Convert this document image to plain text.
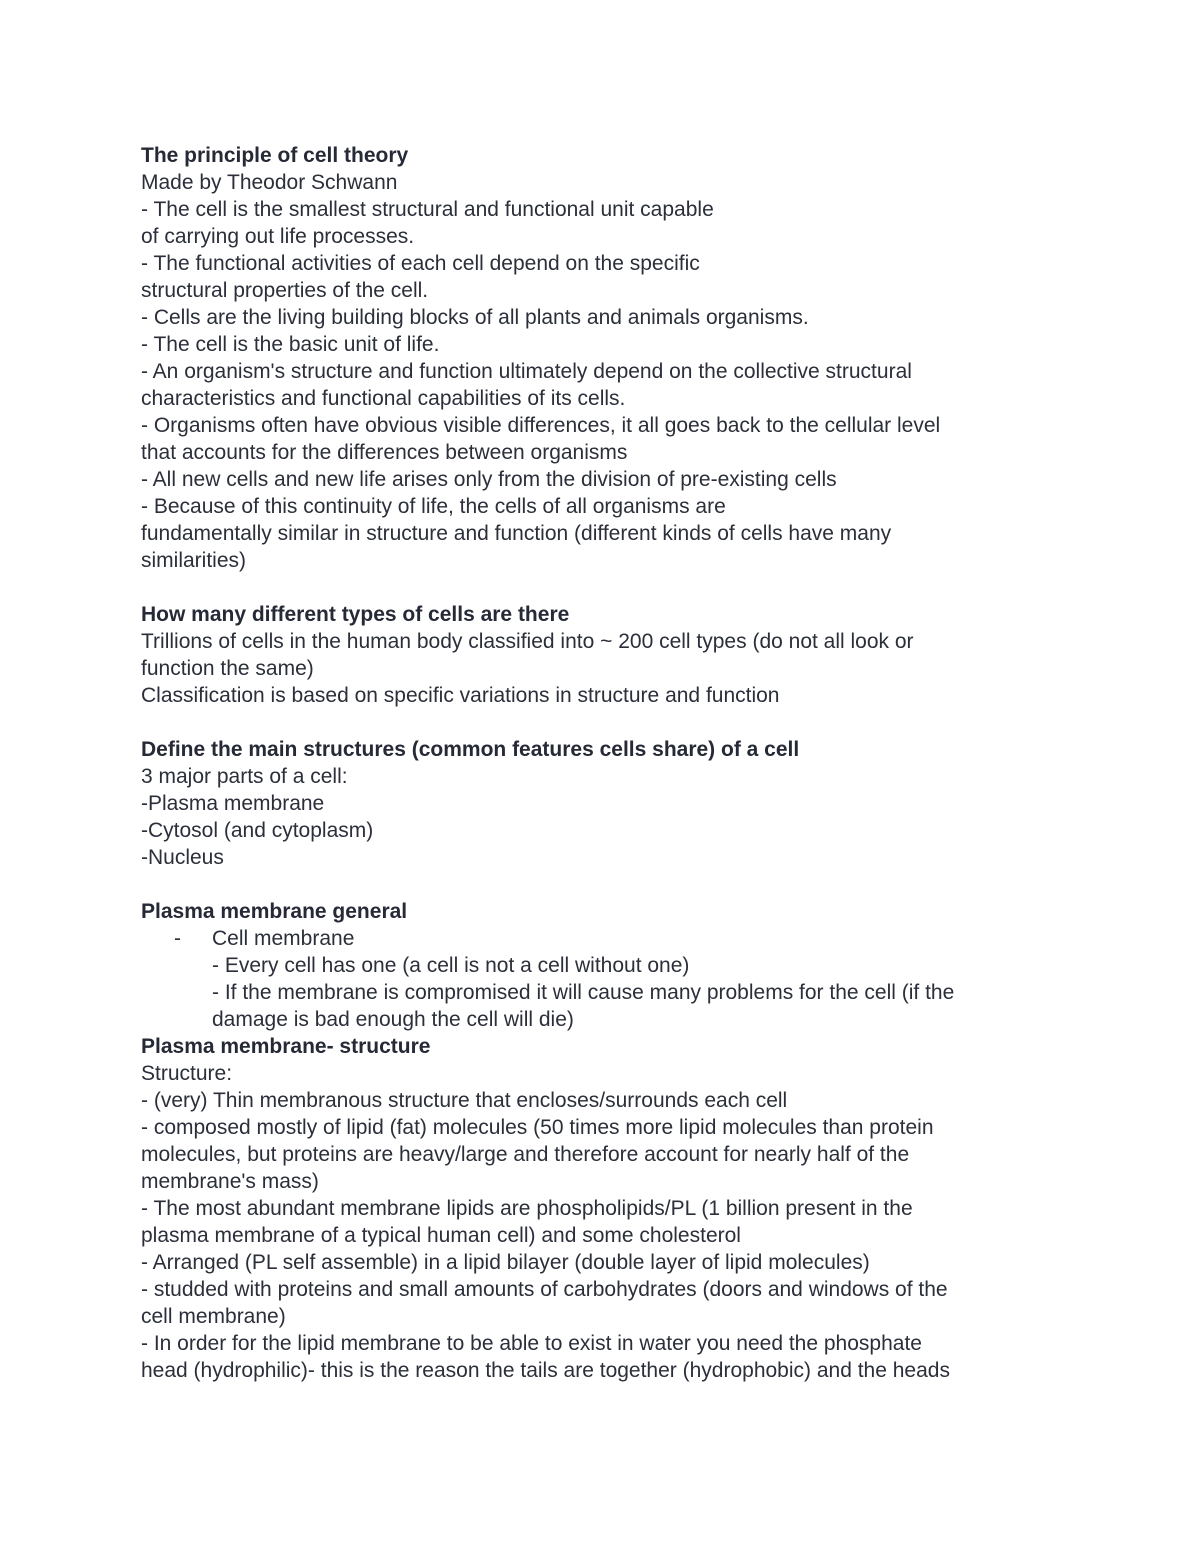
The principle of cell theory
Made by Theodor Schwann
- The cell is the smallest structural and functional unit capable
of carrying out life processes.
- The functional activities of each cell depend on the specific
structural properties of the cell.
- Cells are the living building blocks of all plants and animals organisms.
- The cell is the basic unit of life.
- An organism's structure and function ultimately depend on the collective structural
characteristics and functional capabilities of its cells.
- Organisms often have obvious visible differences, it all goes back to the cellular level
that accounts for the differences between organisms
- All new cells and new life arises only from the division of pre-existing cells
- Because of this continuity of life, the cells of all organisms are
fundamentally similar in structure and function (different kinds of cells have many
similarities)
How many different types of cells are there
Trillions of cells in the human body classified into ~ 200 cell types (do not all look or
function the same)
Classification is based on specific variations in structure and function
Define the main structures (common features cells share) of a cell
3 major parts of a cell:
-Plasma membrane
-Cytosol (and cytoplasm)
-Nucleus
Plasma membrane general
- Cell membrane
- Every cell has one (a cell is not a cell without one)
- If the membrane is compromised it will cause many problems for the cell (if the
damage is bad enough the cell will die)
Plasma membrane- structure
Structure:
- (very) Thin membranous structure that encloses/surrounds each cell
- composed mostly of lipid (fat) molecules (50 times more lipid molecules than protein
molecules, but proteins are heavy/large and therefore account for nearly half of the
membrane's mass)
- The most abundant membrane lipids are phospholipids/PL (1 billion present in the
plasma membrane of a typical human cell) and some cholesterol
- Arranged (PL self assemble) in a lipid bilayer (double layer of lipid molecules)
- studded with proteins and small amounts of carbohydrates (doors and windows of the
cell membrane)
- In order for the lipid membrane to be able to exist in water you need the phosphate
head (hydrophilic)- this is the reason the tails are together (hydrophobic) and the heads
